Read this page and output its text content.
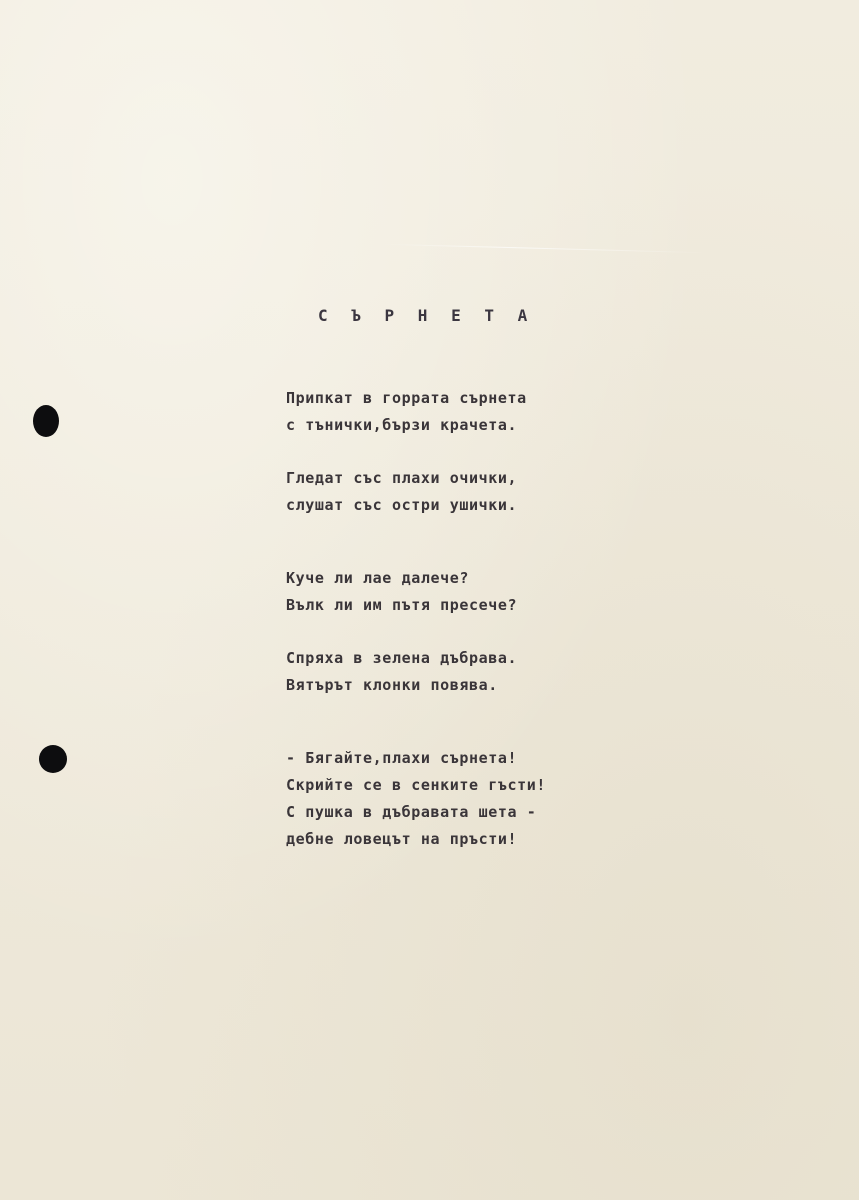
С Ъ Р Н Е Т А
Припкат в горрата сърнета
с тънички,бързи крачета.
Гледат със плахи очички,
слушат със остри ушички.
Куче ли лае далече?
Вълк ли им пътя пресече?
Спряха в зелена дъбрава.
Вятърът клонки повява.
- Бягайте,плахи сърнета!
Скрийте се в сенките гъсти!
С пушка в дъбравата шета -
дебне ловецът на пръсти!
